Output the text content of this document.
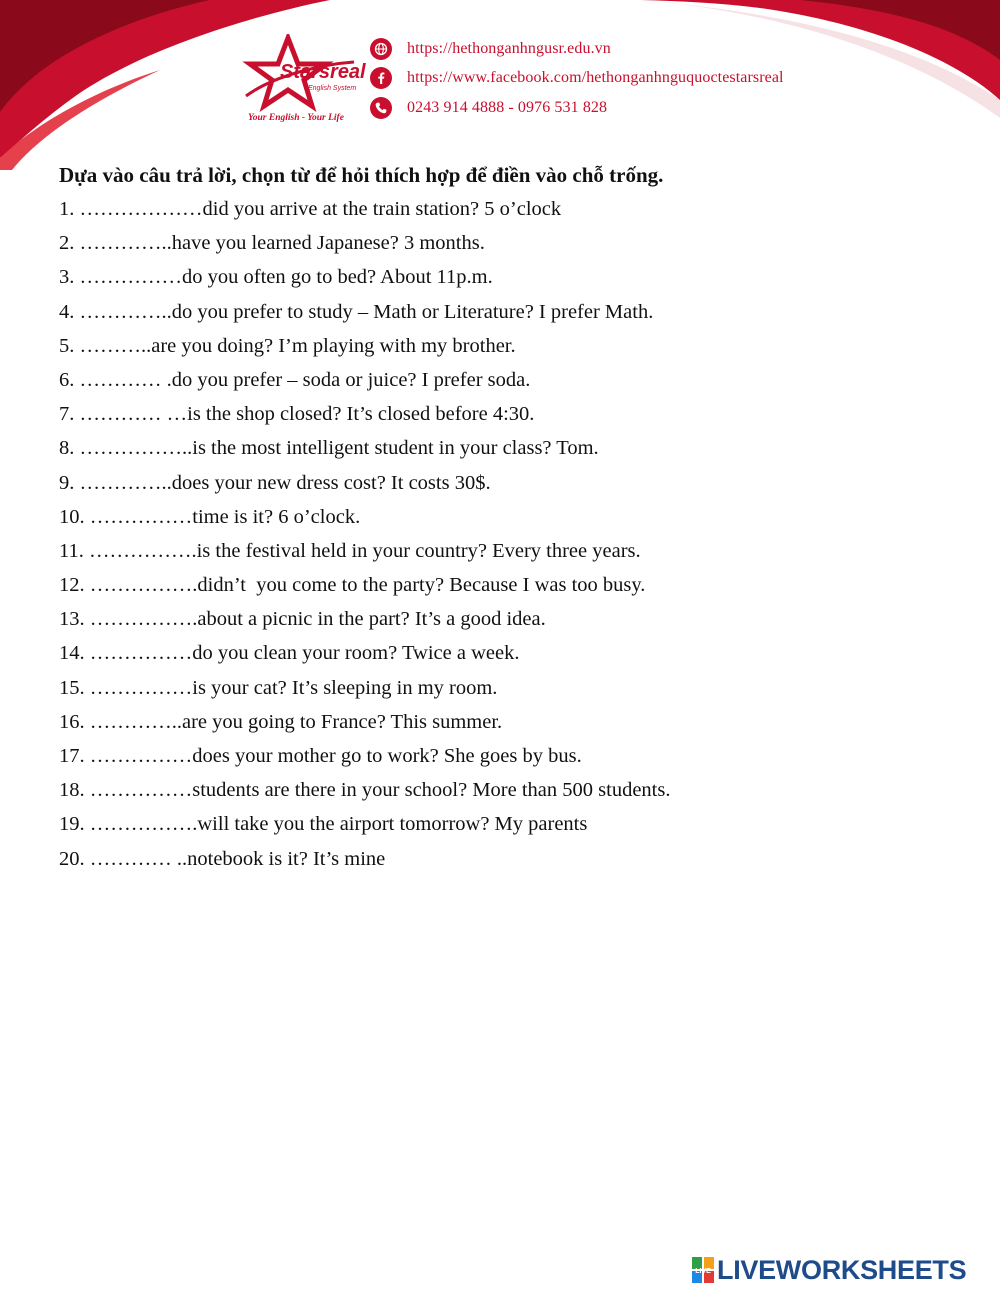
Starsreal
English System
Your English - Your Life
https://hethonganhngusr.edu.vn
https://www.facebook.com/hethonganhnguquoctestarsreal
0243 914 4888 - 0976 531 828

Dựa vào câu trả lời, chọn từ để hỏi thích hợp để điền vào chỗ trống.

1. ………………did you arrive at the train station? 5 o’clock
2. …………..have you learned Japanese? 3 months.
3. ……………do you often go to bed? About 11p.m.
4. …………..do you prefer to study – Math or Literature? I prefer Math.
5. ………..are you doing? I’m playing with my brother.
6. ………… .do you prefer – soda or juice? I prefer soda.
7. ………… …is the shop closed? It’s closed before 4:30.
8. ……………..is the most intelligent student in your class? Tom.
9. …………..does your new dress cost? It costs 30$.
10. ……………time is it? 6 o’clock.
11. …………….is the festival held in your country? Every three years.
12. …………….didn’t  you come to the party? Because I was too busy.
13. …………….about a picnic in the part? It’s a good idea.
14. ……………do you clean your room? Twice a week.
15. ……………is your cat? It’s sleeping in my room.
16. …………..are you going to France? This summer.
17. ……………does your mother go to work? She goes by bus.
18. ……………students are there in your school? More than 500 students.
19. …………….will take you the airport tomorrow? My parents
20. ………… ..notebook is it? It’s mine
LIVE LIVEWORKSHEETS
